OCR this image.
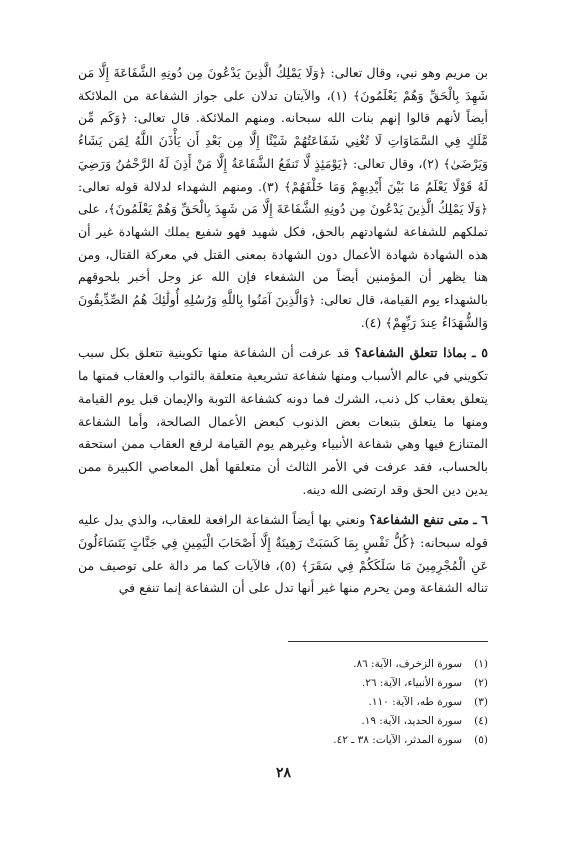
بن مريم وهو نبي، وقال تعالى: ﴿وَلَا يَمْلِكُ الَّذِينَ يَدْعُونَ مِن دُونِهِ الشَّفَاعَةَ إِلَّا مَن شَهِدَ بِالْحَقِّ وَهُمْ يَعْلَمُونَ﴾ (١)، والآيتان تدلان على جواز الشفاعة من الملائكة أيضاً لأنهم قالوا إنهم بنات الله سبحانه. ومنهم الملائكة. قال تعالى: ﴿وَكَم مِّن مَّلَكٍ فِي السَّمَاوَاتِ لَا تُغْنِي شَفَاعَتُهُمْ شَيْئًا إِلَّا مِن بَعْدِ أَن يَأْذَنَ اللَّهُ لِمَن يَشَاءُ وَيَرْضَىٰ﴾ (٢)، وقال تعالى: ﴿يَوْمَئِذٍ لَّا تَنفَعُ الشَّفَاعَةُ إِلَّا مَنْ أَذِنَ لَهُ الرَّحْمَٰنُ وَرَضِيَ لَهُ قَوْلًا يَعْلَمُ مَا بَيْنَ أَيْدِيهِمْ وَمَا خَلْفَهُمْ﴾ (٣). ومنهم الشهداء لدلالة قوله تعالى: ﴿وَلَا يَمْلِكُ الَّذِينَ يَدْعُونَ مِن دُونِهِ الشَّفَاعَةَ إِلَّا مَن شَهِدَ بِالْحَقِّ وَهُمْ يَعْلَمُونَ﴾، على تملكهم للشفاعة لشهادتهم بالحق، فكل شهيد فهو شفيع يملك الشهادة غير أن هذه الشهادة شهادة الأعمال دون الشهادة بمعنى القتل في معركة القتال، ومن هنا يظهر أن المؤمنين أيضاً من الشفعاء فإن الله عز وجل أخبر بلحوقهم بالشهداء يوم القيامة، قال تعالى: ﴿وَالَّذِينَ آمَنُوا بِاللَّهِ وَرُسُلِهِ أُولَٰئِكَ هُمُ الصِّدِّيقُونَ وَالشُّهَدَاءُ عِندَ رَبِّهِمْ﴾ (٤).

٥ ـ بماذا تتعلق الشفاعة؟ قد عرفت أن الشفاعة منها تكوينية تتعلق بكل سبب تكويني في عالم الأسباب ومنها شفاعة تشريعية متعلقة بالثواب والعقاب فمنها ما يتعلق بعقاب كل ذنب، الشرك فما دونه كشفاعة التوبة والإيمان قبل يوم القيامة ومنها ما يتعلق بتبعات بعض الذنوب كبعض الأعمال الصالحة، وأما الشفاعة المتنازع فيها وهي شفاعة الأنبياء وغيرهم يوم القيامة لرفع العقاب ممن استحقه بالحساب، فقد عرفت في الأمر الثالث أن متعلقها أهل المعاصي الكبيرة ممن يدين دين الحق وقد ارتضى الله دينه.

٦ ـ متى تنفع الشفاعة؟ ونعني بها أيضاً الشفاعة الرافعة للعقاب، والذي يدل عليه قوله سبحانه: ﴿كُلُّ نَفْسٍ بِمَا كَسَبَتْ رَهِينَةٌ إِلَّا أَصْحَابَ الْيَمِينِ فِي جَنَّاتٍ يَتَسَاءَلُونَ عَنِ الْمُجْرِمِينَ مَا سَلَكَكُمْ فِي سَقَرَ﴾ (٥)، فالآيات كما مر دالة على توصيف من تناله الشفاعة ومن يحرم منها غير أنها تدل على أن الشفاعة إنما تنفع في

(١)سورة الزخرف، الآية: ٨٦.
(٢)سورة الأنبياء، الآية: ٢٦.
(٣)سورة طه، الآية: ١١٠.
(٤)سورة الحديد، الآية: ١٩.
(٥)سورة المدثر، الآيات: ٣٨ ـ ٤٢.
٢٨
